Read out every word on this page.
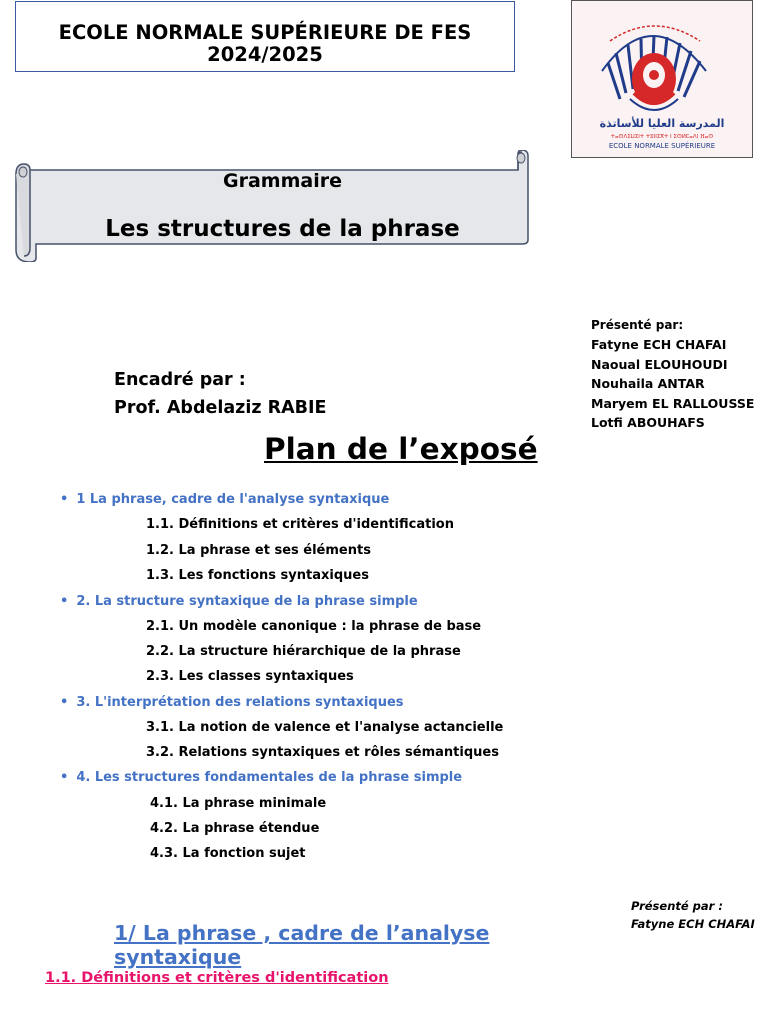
ECOLE NORMALE SUPÉRIEURE DE FES
2024/2025
المدرسة العليا للأساتذة
ⵜⴰⵙⴷⵉⵡⵉⵏⵜ ⵜⵓⵏⵏⵉⴳⵜ ⵏ ⵉⵙⵍⵎⴰⴷⵏ ⴼⴰⵙ
ECOLE NORMALE SUPÉRIEURE
Grammaire
Les structures de la phrase
Présenté par:
Fatyne ECH CHAFAI
Naoual ELOUHOUDI
Nouhaila ANTAR
Maryem EL RALLOUSSE
Lotfi ABOUHAFS
Encadré par :
Prof. Abdelaziz RABIE
Plan de l’exposé
• 1 La phrase, cadre de l'analyse syntaxique
1.1. Définitions et critères d'identification
1.2. La phrase et ses éléments
1.3. Les fonctions syntaxiques
• 2. La structure syntaxique de la phrase simple
2.1. Un modèle canonique : la phrase de base
2.2. La structure hiérarchique de la phrase
2.3. Les classes syntaxiques
• 3. L'interprétation des relations syntaxiques
3.1. La notion de valence et l'analyse actancielle
3.2. Relations syntaxiques et rôles sémantiques
• 4. Les structures fondamentales de la phrase simple
4.1. La phrase minimale
4.2. La phrase étendue
4.3. La fonction sujet
Présenté par :
Fatyne ECH CHAFAI
1/ La phrase , cadre de l’analyse syntaxique
1.1. Définitions et critères d'identification
